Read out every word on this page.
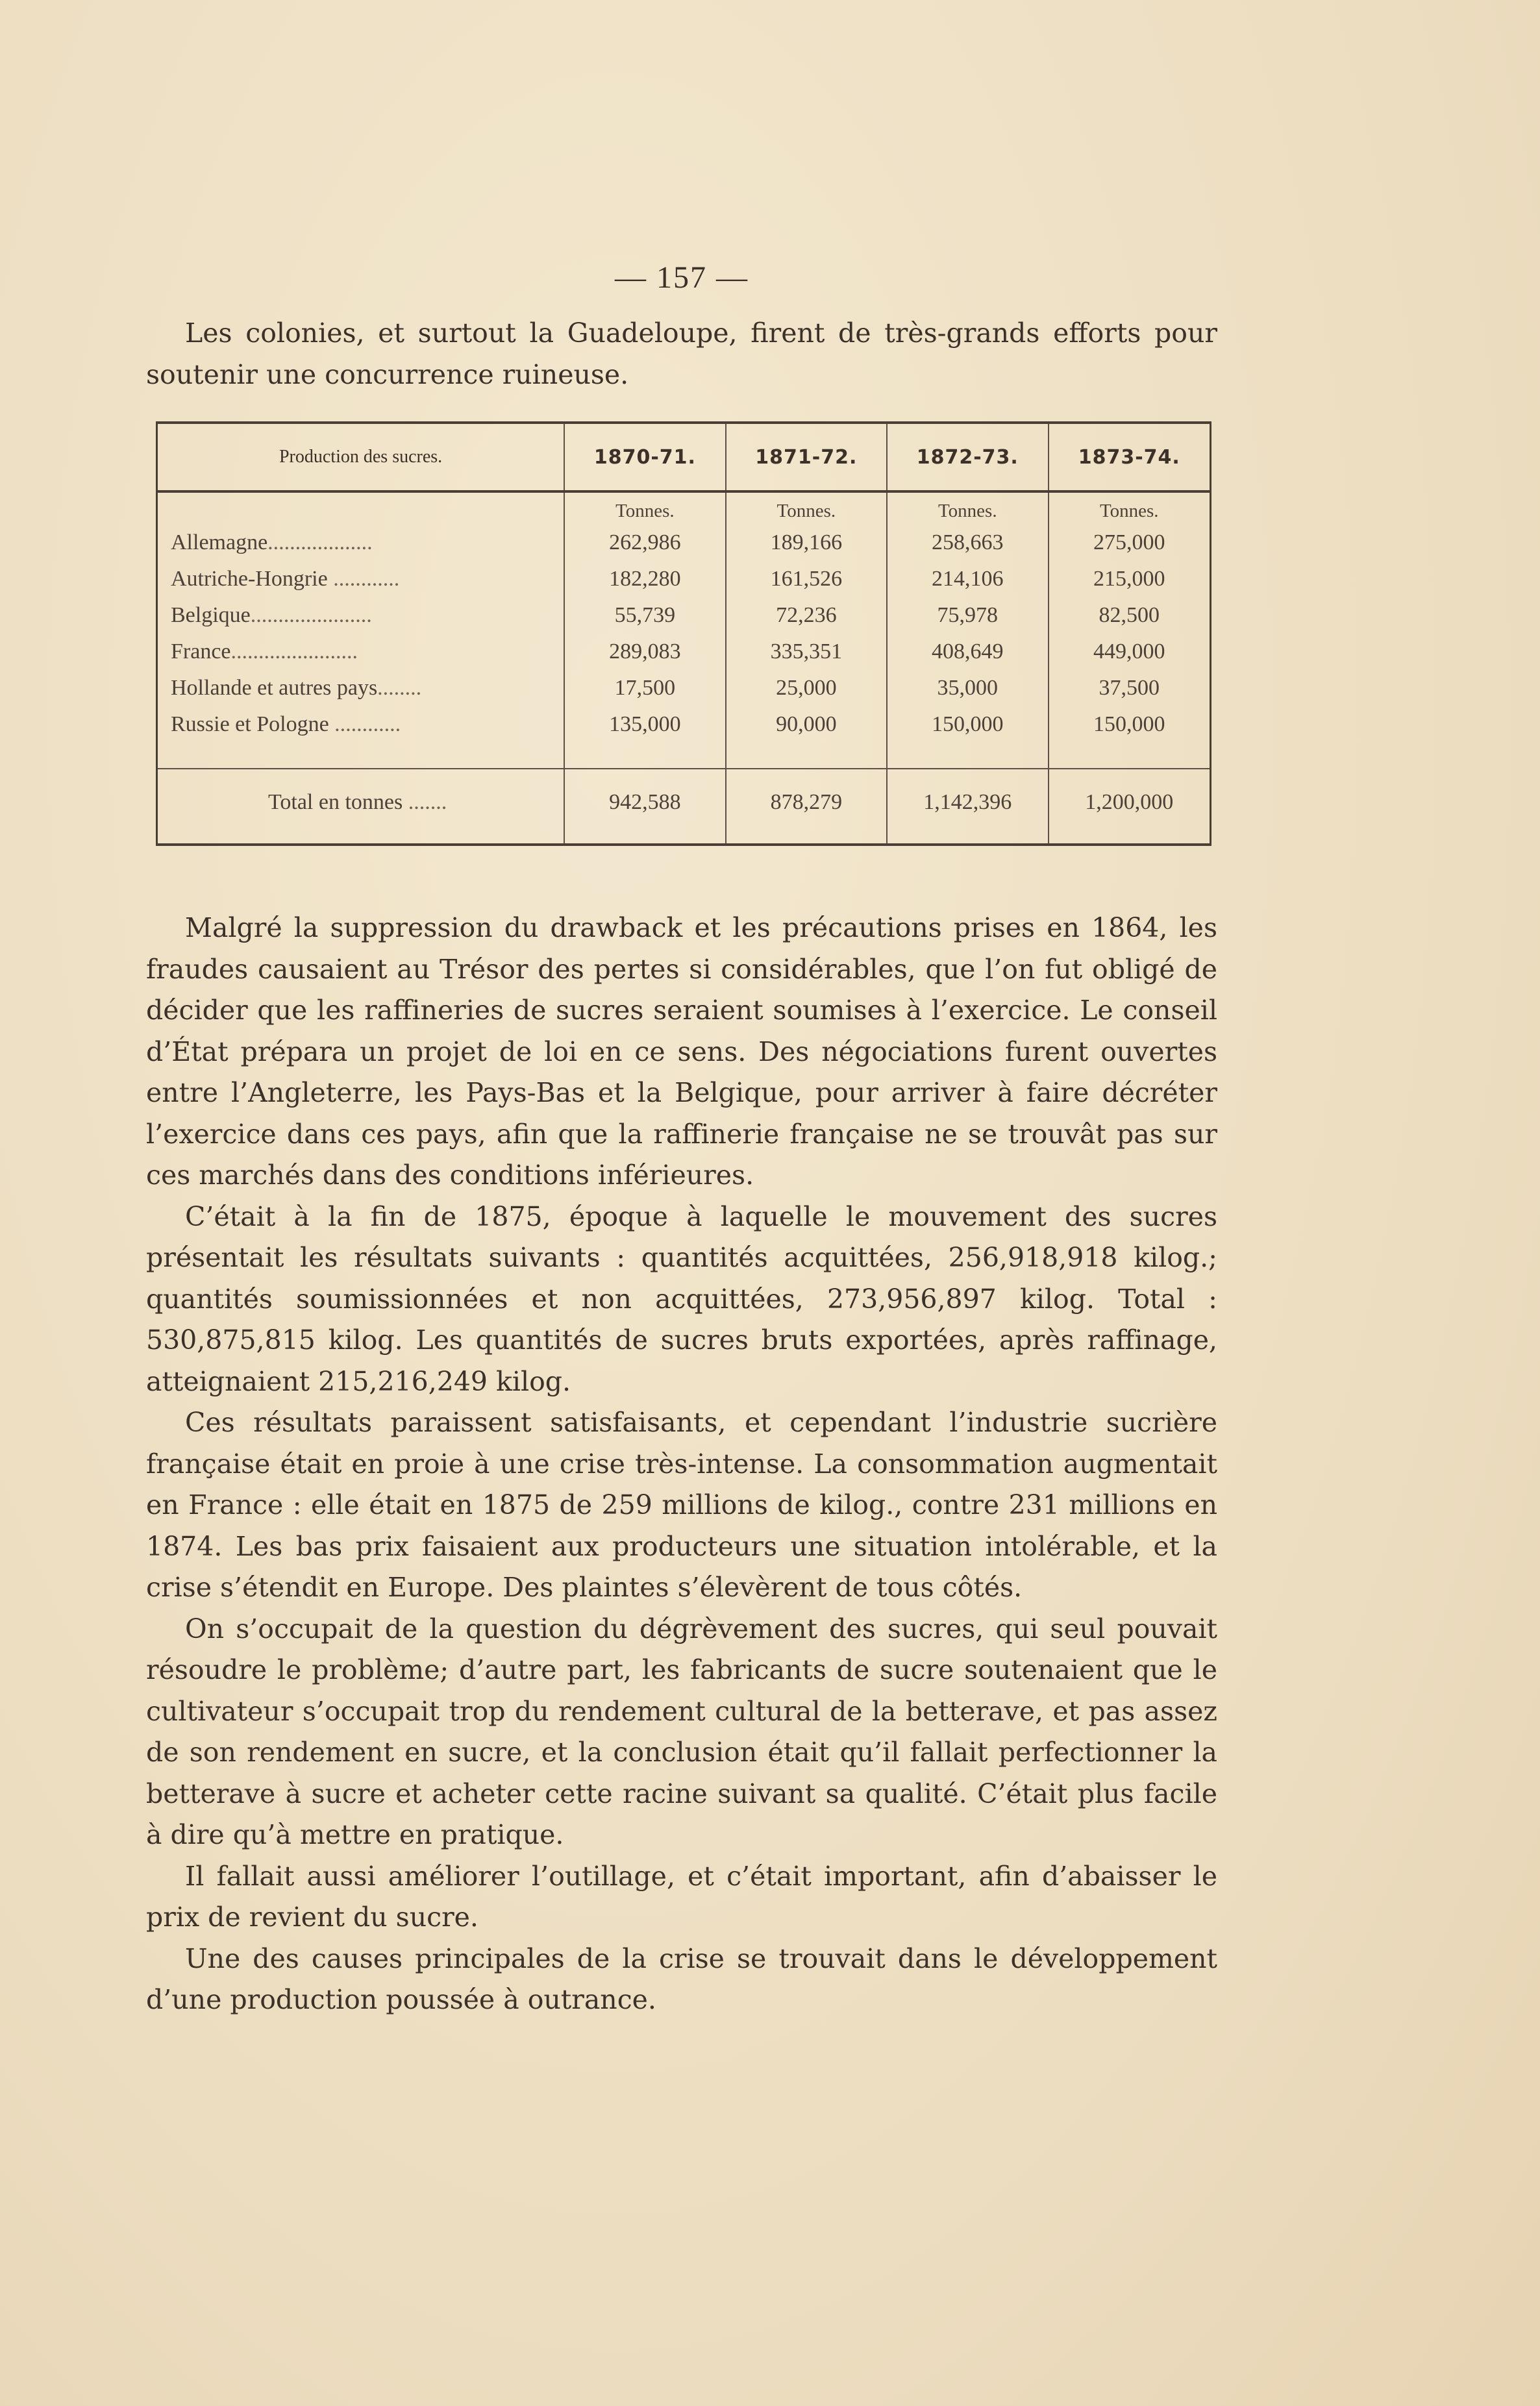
— 157 —

Les colonies, et surtout la Guadeloupe, firent de très-grands efforts pour soutenir une concurrence ruineuse.

Production des sucres.	1870-71.	1871-72.	1872-73.	1873-74.
	Tonnes.	Tonnes.	Tonnes.	Tonnes.
Allemagne...................	262,986	189,166	258,663	275,000
Autriche-Hongrie ............	182,280	161,526	214,106	215,000
Belgique......................	55,739	72,236	75,978	82,500
France.......................	289,083	335,351	408,649	449,000
Hollande et autres pays........	17,500	25,000	35,000	37,500
Russie et Pologne ............	135,000	90,000	150,000	150,000
Total en tonnes .......	942,588	878,279	1,142,396	1,200,000

Malgré la suppression du drawback et les précautions prises en 1864, les fraudes causaient au Trésor des pertes si considérables, que l’on fut obligé de décider que les raffineries de sucres seraient soumises à l’exercice. Le conseil d’État prépara un projet de loi en ce sens. Des négociations furent ouvertes entre l’Angleterre, les Pays-Bas et la Belgique, pour arriver à faire décréter l’exercice dans ces pays, afin que la raffinerie française ne se trouvât pas sur ces marchés dans des conditions inférieures.

C’était à la fin de 1875, époque à laquelle le mouvement des sucres présentait les résultats suivants : quantités acquittées, 256,918,918 kilog.; quantités soumissionnées et non acquittées, 273,956,897 kilog. Total : 530,875,815 kilog. Les quantités de sucres bruts exportées, après raffinage, atteignaient 215,216,249 kilog.

Ces résultats paraissent satisfaisants, et cependant l’industrie sucrière française était en proie à une crise très-intense. La consommation augmentait en France : elle était en 1875 de 259 millions de kilog., contre 231 millions en 1874. Les bas prix faisaient aux producteurs une situation intolérable, et la crise s’étendit en Europe. Des plaintes s’élevèrent de tous côtés.

On s’occupait de la question du dégrèvement des sucres, qui seul pouvait résoudre le problème; d’autre part, les fabricants de sucre soutenaient que le cultivateur s’occupait trop du rendement cultural de la betterave, et pas assez de son rendement en sucre, et la conclusion était qu’il fallait perfectionner la betterave à sucre et acheter cette racine suivant sa qualité. C’était plus facile à dire qu’à mettre en pratique.

Il fallait aussi améliorer l’outillage, et c’était important, afin d’abaisser le prix de revient du sucre.

Une des causes principales de la crise se trouvait dans le développement d’une production poussée à outrance.
